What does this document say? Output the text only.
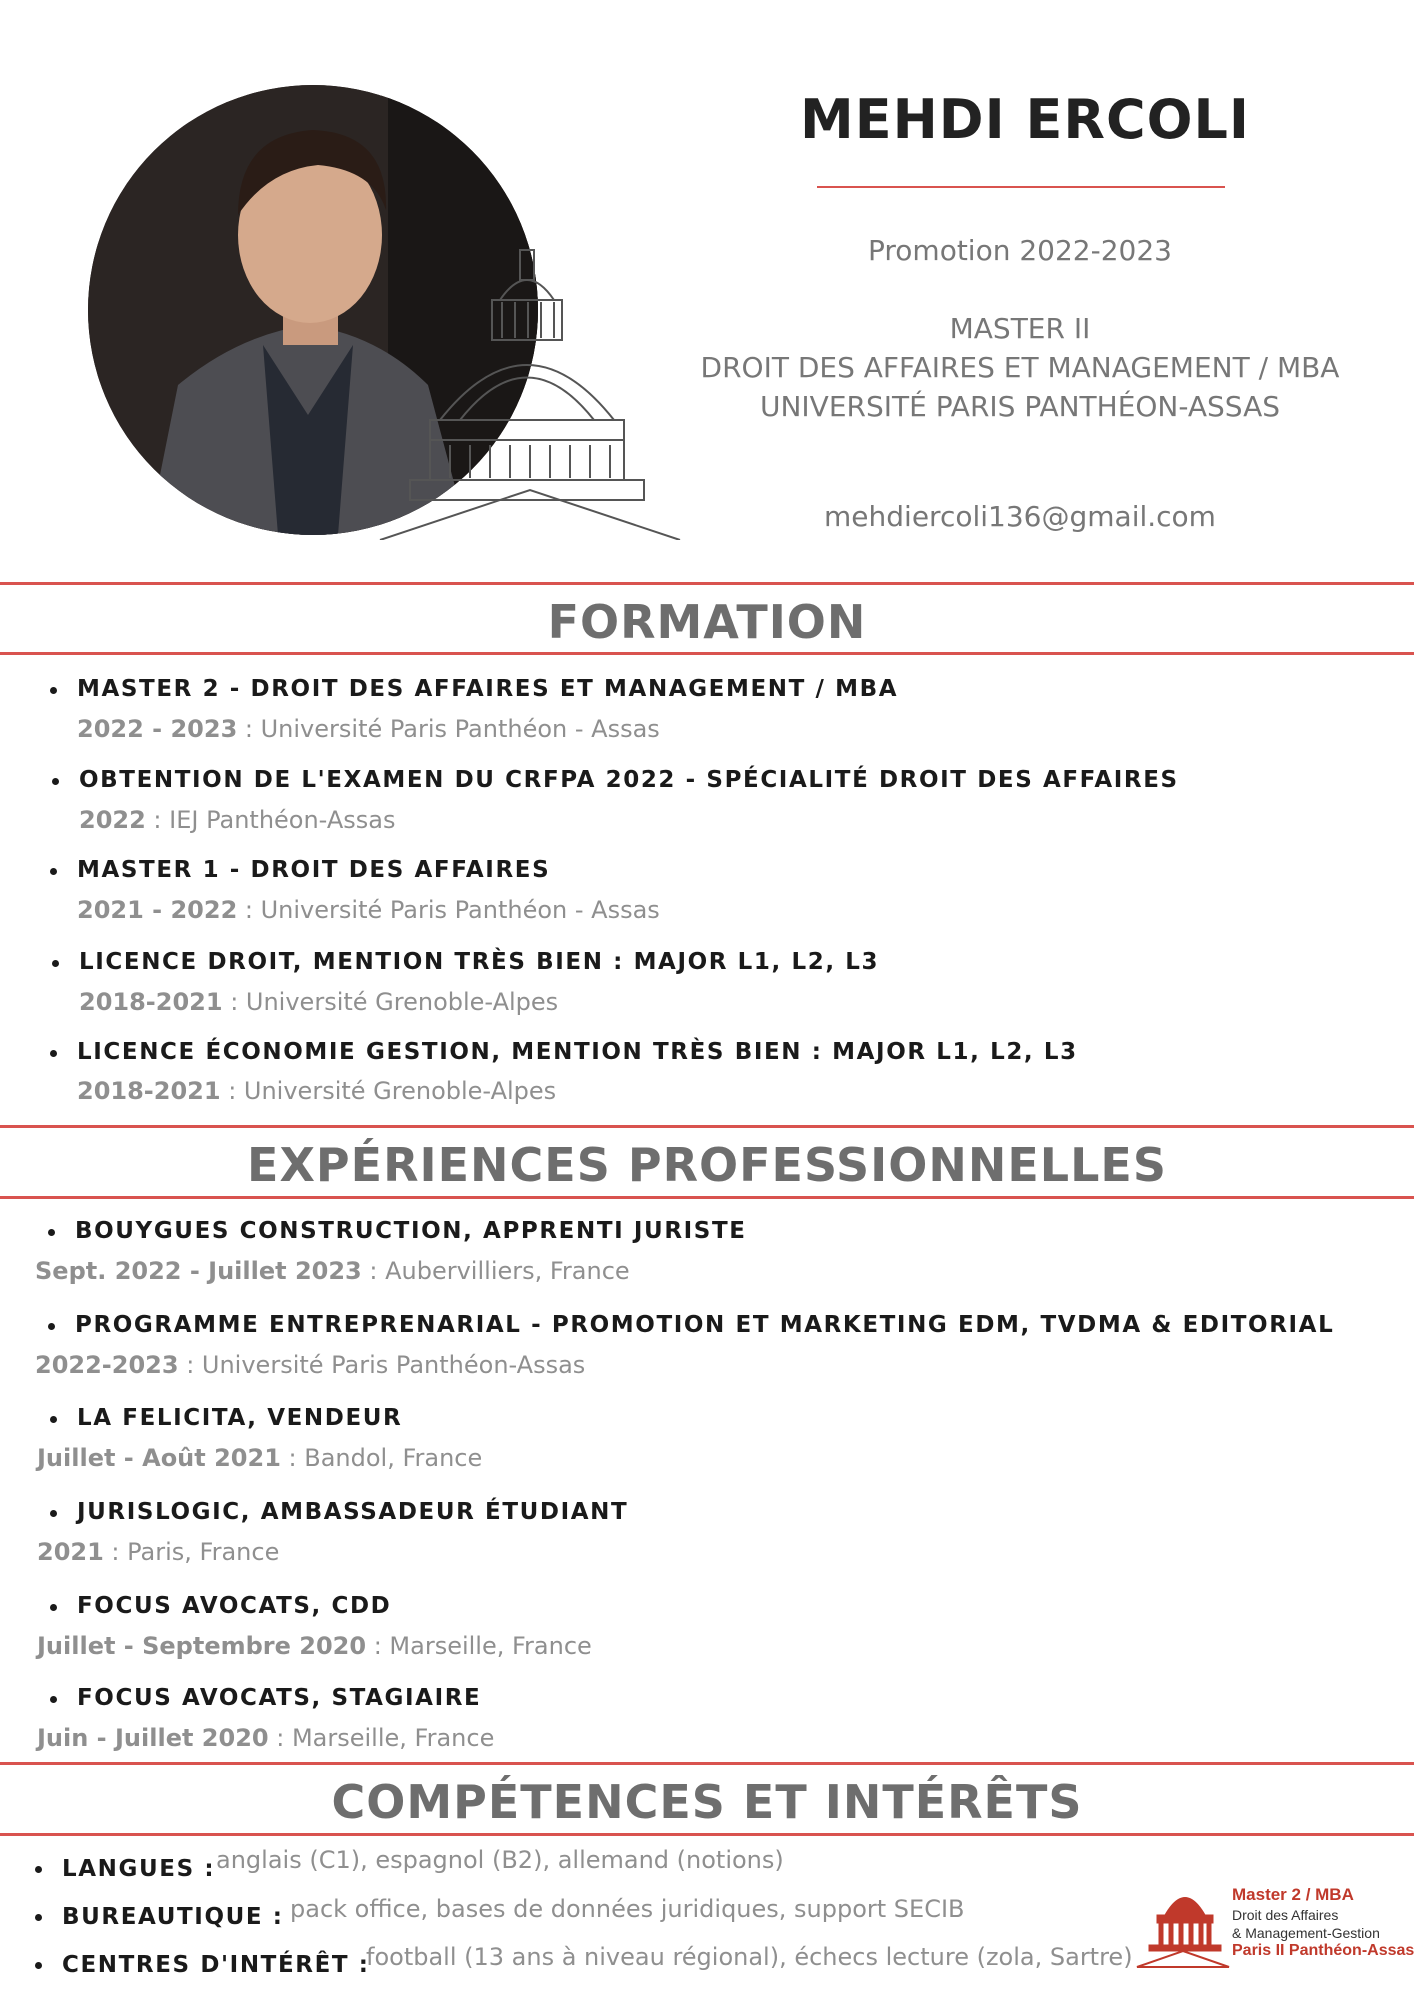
MEHDI ERCOLI
Promotion 2022-2023
MASTER II
DROIT DES AFFAIRES ET MANAGEMENT / MBA
UNIVERSITÉ PARIS PANTHÉON-ASSAS
mehdiercoli136@gmail.com
FORMATION
MASTER 2 - DROIT DES AFFAIRES ET MANAGEMENT / MBA
2022 - 2023 : Université Paris Panthéon - Assas
OBTENTION DE L'EXAMEN DU CRFPA 2022 - SPÉCIALITÉ DROIT DES AFFAIRES
2022 : IEJ Panthéon-Assas
MASTER 1 - DROIT DES AFFAIRES
2021 - 2022 : Université Paris Panthéon - Assas
LICENCE DROIT, MENTION TRÈS BIEN : MAJOR L1, L2, L3
2018-2021 : Université Grenoble-Alpes
LICENCE ÉCONOMIE GESTION, MENTION TRÈS BIEN : MAJOR L1, L2, L3
2018-2021 : Université Grenoble-Alpes
EXPÉRIENCES PROFESSIONNELLES
BOUYGUES CONSTRUCTION, APPRENTI JURISTE
Sept. 2022 - Juillet 2023 : Aubervilliers, France
PROGRAMME ENTREPRENARIAL - PROMOTION ET MARKETING EDM, TVDMA & EDITORIAL
2022-2023 : Université Paris Panthéon-Assas
LA FELICITA, VENDEUR
Juillet - Août 2021 : Bandol, France
JURISLOGIC, AMBASSADEUR ÉTUDIANT
2021 : Paris, France
FOCUS AVOCATS, CDD
Juillet - Septembre 2020 : Marseille, France
FOCUS AVOCATS, STAGIAIRE
Juin - Juillet 2020 : Marseille, France
COMPÉTENCES ET INTÉRÊTS
LANGUES : anglais (C1), espagnol (B2), allemand (notions)
BUREAUTIQUE : pack office, bases de données juridiques, support SECIB
CENTRES D'INTÉRÊT :
football (13 ans à niveau régional), échecs lecture (zola, Sartre)
Master 2 / MBA
Droit des Affaires
& Management-Gestion
Paris II Panthéon-Assas
